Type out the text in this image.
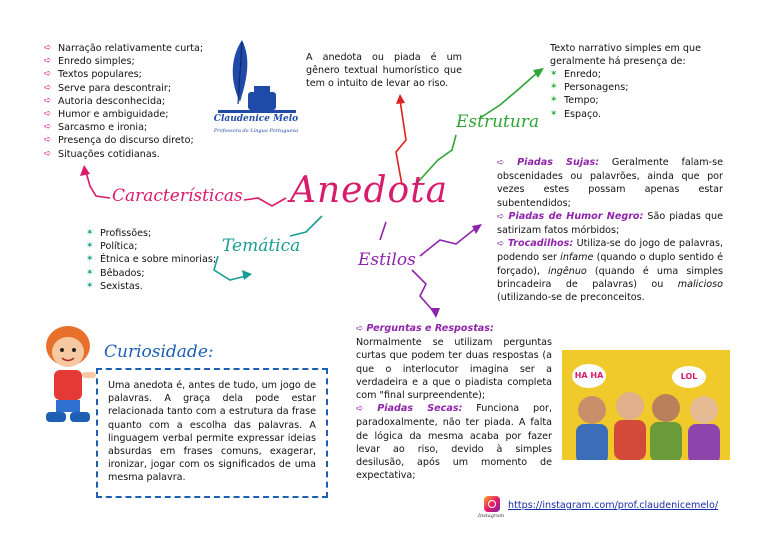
➪ Narração relativamente curta;
➪ Enredo simples;
➪ Textos populares;
➪ Serve para descontrair;
➪ Autoria desconhecida;
➪ Humor e ambiguidade;
➪ Sarcasmo e ironia;
➪ Presença do discurso direto;
➪ Situações cotidianas.
Claudenice Melo
Professora de Língua Portuguesa
A anedota ou piada é um gênero textual humorístico que tem o intuito de levar ao riso.
Texto narrativo simples em que geralmente há presença de:
✶ Enredo;
✶ Personagens;
✶ Tempo;
✶ Espaço.
Estrutura
Anedota
Características
✶ Profissões;
✶ Política;
✶ Étnica e sobre minorias;
✶ Bêbados;
✶ Sexistas.
Temática
Estilos
➪ Piadas Sujas: Geralmente falam-se obscenidades ou palavrões, ainda que por vezes estes possam apenas estar subentendidos;
➪ Piadas de Humor Negro: São piadas que satirizam fatos mórbidos;
➪ Trocadilhos: Utiliza-se do jogo de palavras, podendo ser infame (quando o duplo sentido é forçado), ingênuo (quando é uma simples brincadeira de palavras) ou malicioso (utilizando-se de preconceitos.
➪ Perguntas e Respostas:
Normalmente se utilizam perguntas curtas que podem ter duas respostas (a que o interlocutor imagina ser a verdadeira e a que o piadista completa com "final surpreendente);
➪ Piadas Secas: Funciona por, paradoxalmente, não ter piada. A falta de lógica da mesma acaba por fazer levar ao riso, devido à simples desilusão, após um momento de expectativa;
Curiosidade:
Uma anedota é, antes de tudo, um jogo de palavras. A graça dela pode estar relacionada tanto com a estrutura da frase quanto com a escolha das palavras. A linguagem verbal permite expressar ideias absurdas em frases comuns, exagerar, ironizar, jogar com os significados de uma mesma palavra.
HA HA	LOL
Instagram
https://instagram.com/prof.claudenicemelo/
